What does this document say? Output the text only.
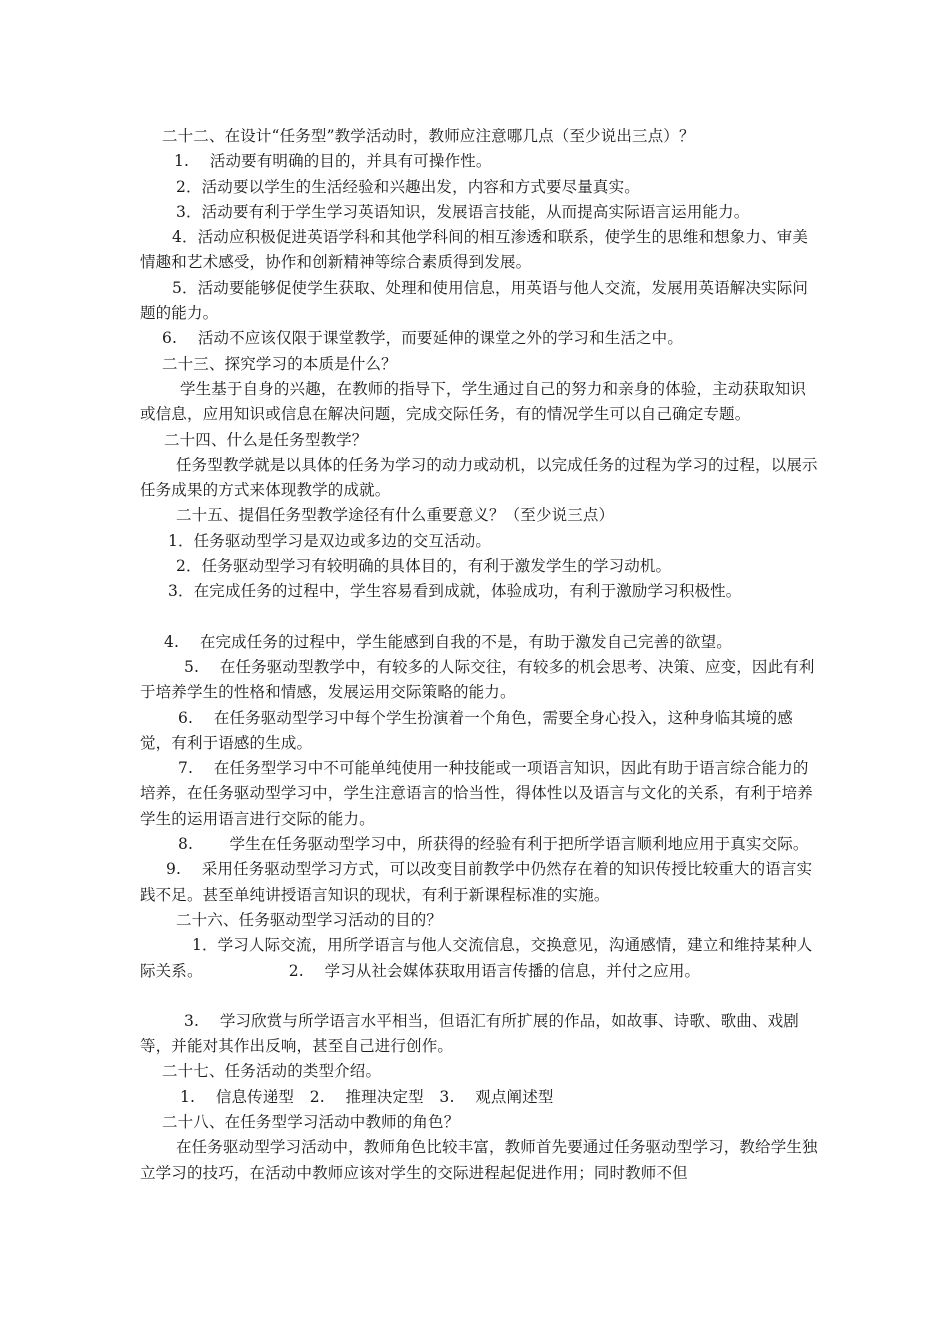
二十二、在设计“任务型”教学活动时，教师应注意哪几点（至少说出三点）？

1.　 活动要有明确的目的，并具有可操作性。

2．活动要以学生的生活经验和兴趣出发，内容和方式要尽量真实。

3．活动要有利于学生学习英语知识，发展语言技能，从而提高实际语言运用能力。

4．活动应积极促进英语学科和其他学科间的相互渗透和联系，使学生的思维和想象力、审美情趣和艺术感受，协作和创新精神等综合素质得到发展。

5．活动要能够促使学生获取、处理和使用信息，用英语与他人交流，发展用英语解决实际问题的能力。

6.　 活动不应该仅限于课堂教学，而要延伸的课堂之外的学习和生活之中。

二十三、探究学习的本质是什么？

学生基于自身的兴趣，在教师的指导下，学生通过自己的努力和亲身的体验，主动获取知识或信息，应用知识或信息在解决问题，完成交际任务，有的情况学生可以自己确定专题。

二十四、什么是任务型教学？

任务型教学就是以具体的任务为学习的动力或动机，以完成任务的过程为学习的过程，以展示任务成果的方式来体现教学的成就。

二十五、提倡任务型教学途径有什么重要意义？（至少说三点）

1．任务驱动型学习是双边或多边的交互活动。

2．任务驱动型学习有较明确的具体目的，有利于激发学生的学习动机。

3．在完成任务的过程中，学生容易看到成就，体验成功，有利于激励学习积极性。

4.　 在完成任务的过程中，学生能感到自我的不是，有助于激发自己完善的欲望。

5.　 在任务驱动型教学中，有较多的人际交往，有较多的机会思考、决策、应变，因此有利于培养学生的性格和情感，发展运用交际策略的能力。

6.　 在任务驱动型学习中每个学生扮演着一个角色，需要全身心投入，这种身临其境的感觉，有利于语感的生成。

7.　 在任务型学习中不可能单纯使用一种技能或一项语言知识，因此有助于语言综合能力的培养，在任务驱动型学习中，学生注意语言的恰当性，得体性以及语言与文化的关系，有利于培养学生的运用语言进行交际的能力。

8.　　 学生在任务驱动型学习中，所获得的经验有利于把所学语言顺利地应用于真实交际。

9.　 采用任务驱动型学习方式，可以改变目前教学中仍然存在着的知识传授比较重大的语言实践不足。甚至单纯讲授语言知识的现状，有利于新课程标准的实施。

二十六、任务驱动型学习活动的目的？

1．学习人际交流，用所学语言与他人交流信息，交换意见，沟通感情，建立和维持某种人际关系。　　　　　　2.　 学习从社会媒体获取用语言传播的信息，并付之应用。

3.　 学习欣赏与所学语言水平相当，但语汇有所扩展的作品，如故事、诗歌、歌曲、戏剧等，并能对其作出反响，甚至自己进行创作。

二十七、任务活动的类型介绍。

1.　 信息传递型　2.　 推理决定型　3.　 观点阐述型

二十八、在任务型学习活动中教师的角色？

在任务驱动型学习活动中，教师角色比较丰富，教师首先要通过任务驱动型学习，教给学生独立学习的技巧，在活动中教师应该对学生的交际进程起促进作用；同时教师不但
